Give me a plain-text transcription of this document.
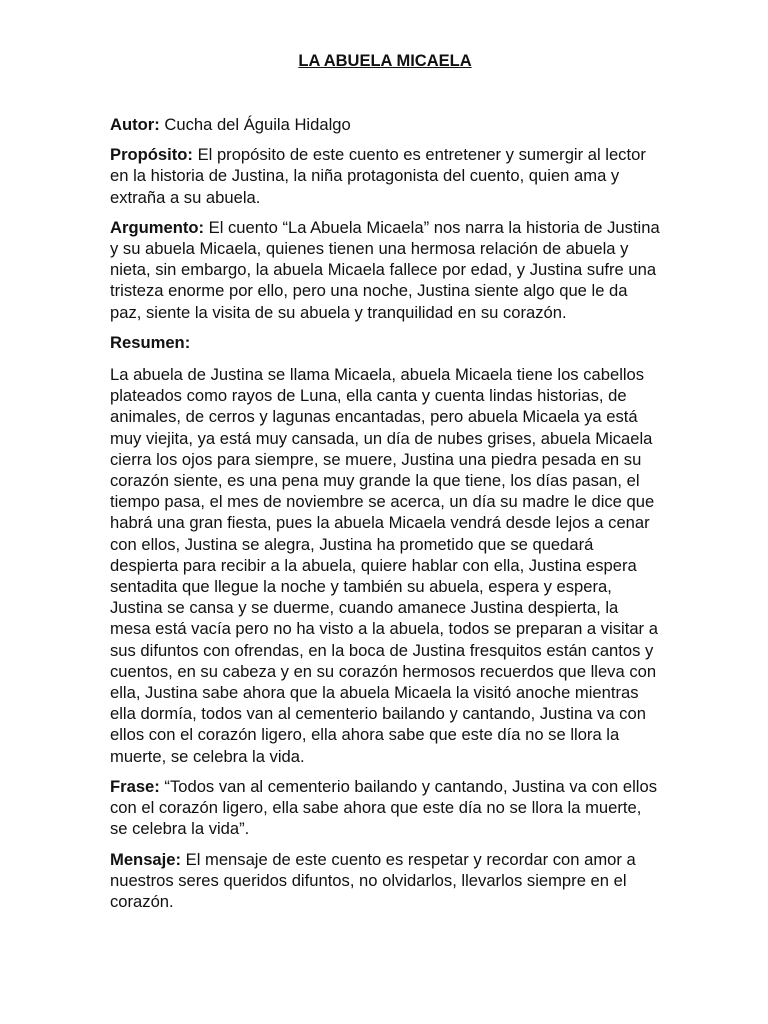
LA ABUELA MICAELA

Autor: Cucha del Águila Hidalgo

Propósito: El propósito de este cuento es entretener y sumergir al lector en la historia de Justina, la niña protagonista del cuento, quien ama y extraña a su abuela.

Argumento: El cuento “La Abuela Micaela” nos narra la historia de Justina y su abuela Micaela, quienes tienen una hermosa relación de abuela y nieta, sin embargo, la abuela Micaela fallece por edad, y Justina sufre una tristeza enorme por ello, pero una noche, Justina siente algo que le da paz, siente la visita de su abuela y tranquilidad en su corazón.

Resumen:

La abuela de Justina se llama Micaela, abuela Micaela tiene los cabellos plateados como rayos de Luna, ella canta y cuenta lindas historias, de animales, de cerros y lagunas encantadas, pero abuela Micaela ya está muy viejita, ya está muy cansada, un día de nubes grises, abuela Micaela cierra los ojos para siempre, se muere, Justina una piedra pesada en su corazón siente, es una pena muy grande la que tiene, los días pasan, el tiempo pasa, el mes de noviembre se acerca, un día su madre le dice que habrá una gran fiesta, pues la abuela Micaela vendrá desde lejos a cenar con ellos, Justina se alegra, Justina ha prometido que se quedará despierta para recibir a la abuela, quiere hablar con ella, Justina espera sentadita que llegue la noche y también su abuela, espera y espera, Justina se cansa y se duerme, cuando amanece Justina despierta, la mesa está vacía pero no ha visto a la abuela, todos se preparan a visitar a sus difuntos con ofrendas, en la boca de Justina fresquitos están cantos y cuentos, en su cabeza y en su corazón hermosos recuerdos que lleva con ella, Justina sabe ahora que la abuela Micaela la visitó anoche mientras ella dormía, todos van al cementerio bailando y cantando, Justina va con ellos con el corazón ligero, ella ahora sabe que este día no se llora la muerte, se celebra la vida.

Frase: “Todos van al cementerio bailando y cantando, Justina va con ellos con el corazón ligero, ella sabe ahora que este día no se llora la muerte, se celebra la vida”.

Mensaje: El mensaje de este cuento es respetar y recordar con amor a nuestros seres queridos difuntos, no olvidarlos, llevarlos siempre en el corazón.
